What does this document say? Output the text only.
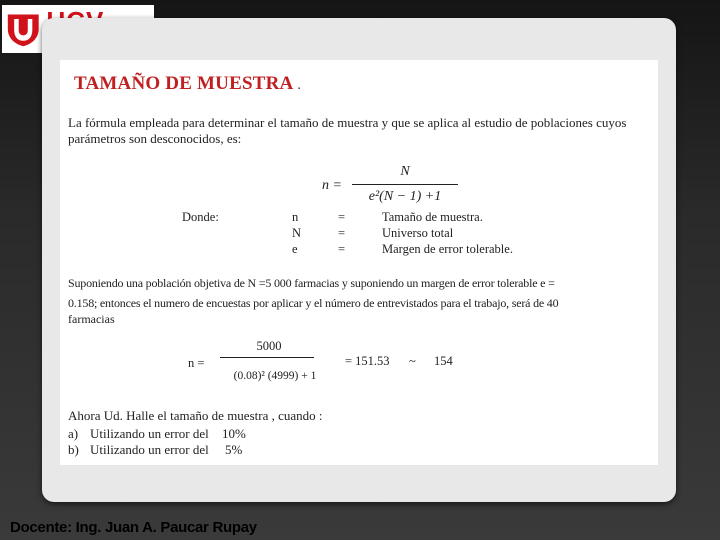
TAMAÑO DE MUESTRA .
La fórmula empleada para determinar el tamaño de muestra y que se aplica al estudio de poblaciones cuyos
parámetros son desconocidos, es:
n =
N
e²(N − 1) +1
Donde:	n	=	Tamaño de muestra.
N	=	Universo total
e	=	Margen de error tolerable.
Suponiendo una población objetiva de N =5 000 farmacias y suponiendo un margen de error tolerable e =
0.158; entonces el numero de encuestas por aplicar y el número de entrevistados para el trabajo, será de 40
farmacias
n =
5000
(0.08)² (4999) + 1
= 151.53 ~ 154
Ahora Ud. Halle el tamaño de muestra , cuando :
a) Utilizando un error del 10%
b) Utilizando un error del 5%
Docente: Ing. Juan A. Paucar Rupay
